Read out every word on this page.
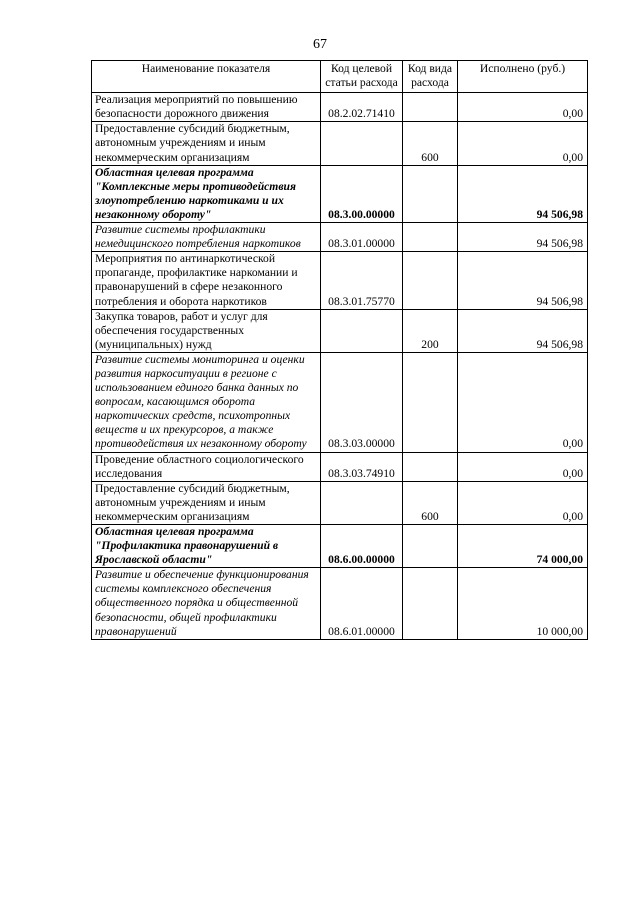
67
Наименование показателя	Код целевой статьи расхода	Код вида расхода	Исполнено (руб.)
Реализация мероприятий по повышению безопасности дорожного движения	08.2.02.71410		0,00
Предоставление субсидий бюджетным, автономным учреждениям и иным некоммерческим организациям		600	0,00
Областная целевая программа "Комплексные меры противодействия злоупотреблению наркотиками и их незаконному обороту"	08.3.00.00000		94 506,98
Развитие системы профилактики немедицинского потребления наркотиков	08.3.01.00000		94 506,98
Мероприятия по антинаркотической пропаганде, профилактике наркомании и правонарушений в сфере незаконного потребления и оборота наркотиков	08.3.01.75770		94 506,98
Закупка товаров, работ и услуг для обеспечения государственных (муниципальных) нужд		200	94 506,98
Развитие системы мониторинга и оценки развития наркоситуации в регионе с использованием единого банка данных по вопросам, касающимся оборота наркотических средств, психотропных веществ и их прекурсоров, а также противодействия их незаконному обороту	08.3.03.00000		0,00
Проведение областного социологического исследования	08.3.03.74910		0,00
Предоставление субсидий бюджетным, автономным учреждениям и иным некоммерческим организациям		600	0,00
Областная целевая программа "Профилактика правонарушений в Ярославской области"	08.6.00.00000		74 000,00
Развитие и обеспечение функционирования системы комплексного обеспечения общественного порядка и общественной безопасности, общей профилактики правонарушений	08.6.01.00000		10 000,00
